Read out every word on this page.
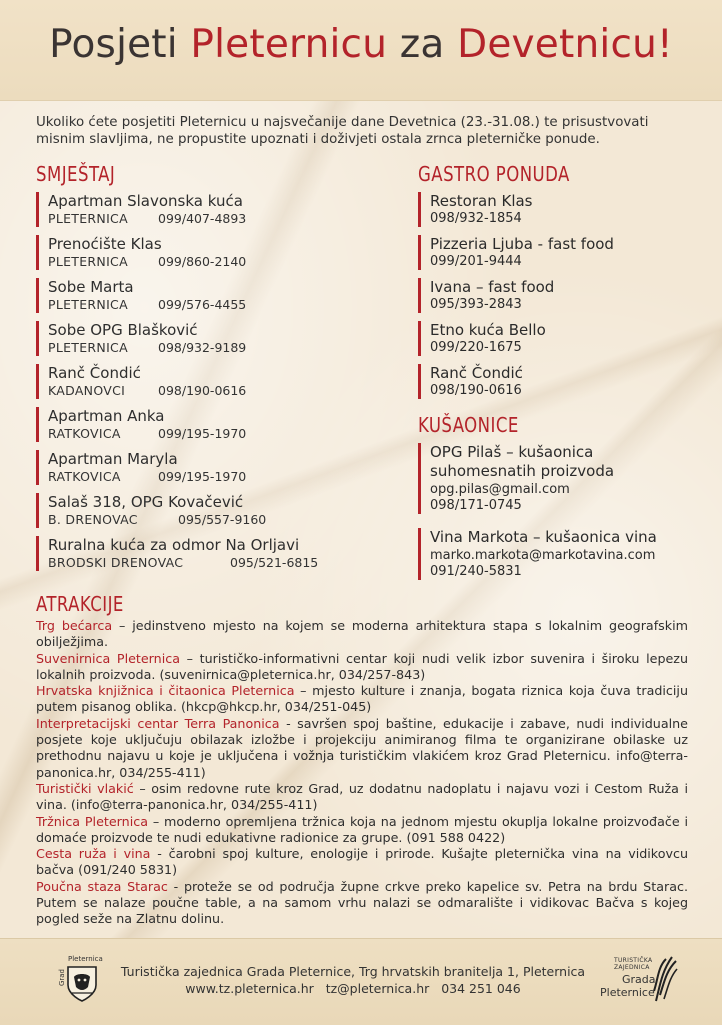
Posjeti Pleternicu za Devetnicu!
Ukoliko ćete posjetiti Pleternicu u najsvečanije dane Devetnica (23.-31.08.) te prisustvovati misnim slavljima, ne propustite upoznati i doživjeti ostala zrnca pleterničke ponude.
SMJEŠTAJ
Apartman Slavonska kuća
PLETERNICA	099/407-4893
Prenoćište Klas
PLETERNICA	099/860-2140
Sobe Marta
PLETERNICA	099/576-4455
Sobe OPG Blašković
PLETERNICA	098/932-9189
Ranč Čondić
KADANOVCI	098/190-0616
Apartman Anka
RATKOVICA	099/195-1970
Apartman Maryla
RATKOVICA	099/195-1970
Salaš 318, OPG Kovačević
B. DRENOVAC	095/557-9160
Ruralna kuća za odmor Na Orljavi
BRODSKI DRENOVAC	095/521-6815
GASTRO PONUDA
Restoran Klas
098/932-1854
Pizzeria Ljuba - fast food
099/201-9444
Ivana – fast food
095/393-2843
Etno kuća Bello
099/220-1675
Ranč Čondić
098/190-0616
KUŠAONICE
OPG Pilaš – kušaonica
suhomesnatih proizvoda
opg.pilas@gmail.com
098/171-0745
Vina Markota – kušaonica vina
marko.markota@markotavina.com
091/240-5831
ATRAKCIJE

Trg bećarca – jedinstveno mjesto na kojem se moderna arhitektura stapa s lokalnim geografskim obilježjima.

Suvenirnica Pleternica – turističko-informativni centar koji nudi velik izbor suvenira i široku lepezu lokalnih proizvoda. (suvenirnica@pleternica.hr, 034/257-843)

Hrvatska knjižnica i čitaonica Pleternica – mjesto kulture i znanja, bogata riznica koja čuva tradiciju putem pisanog oblika. (hkcp@hkcp.hr, 034/251-045)

Interpretacijski centar Terra Panonica - savršen spoj baštine, edukacije i zabave, nudi individualne posjete koje uključuju obilazak izložbe i projekciju animiranog filma te organizirane obilaske uz prethodnu najavu u koje je uključena i vožnja turističkim vlakićem kroz Grad Pleternicu. info@terra-panonica.hr, 034/255-411)

Turistički vlakić – osim redovne rute kroz Grad, uz dodatnu nadoplatu i najavu vozi i Cestom Ruža i vina. (info@terra-panonica.hr, 034/255-411)

Tržnica Pleternica – moderno opremljena tržnica koja na jednom mjestu okuplja lokalne proizvođače i domaće proizvode te nudi edukativne radionice za grupe. (091 588 0422)

Cesta ruža i vina - čarobni spoj kulture, enologije i prirode. Kušajte pleternička vina na vidikovcu bačva (091/240 5831)

Poučna staza Starac - proteže se od područja župne crkve preko kapelice sv. Petra na brdu Starac. Putem se nalaze poučne table, a na samom vrhu nalazi se odmaralište i vidikovac Bačva s kojeg pogled seže na Zlatnu dolinu.

Pleternica
Grad	Turistička zajednica Grada Pleternice, Trg hrvatskih branitelja 1, Pleternica
www.tz.pleternica.hr tz@pleternica.hr 034 251 046
TURISTIČKA
ZAJEDNICA
Grada
Pleternice
